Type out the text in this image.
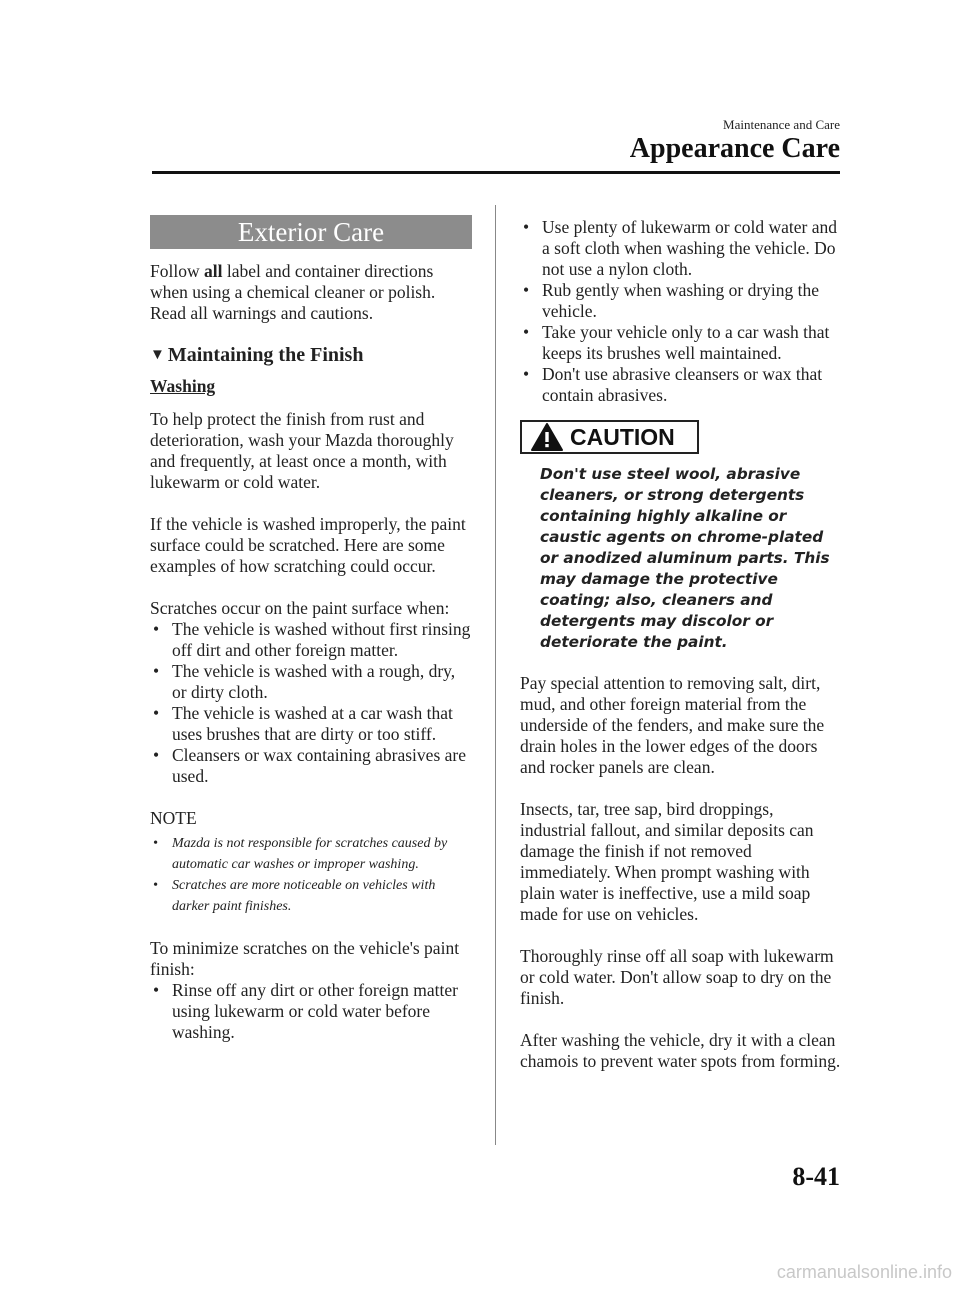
Maintenance and Care
Appearance Care
Exterior Care

Follow all label and container directions when using a chemical cleaner or polish. Read all warnings and cautions.

▼ Maintaining the Finish
Washing

To help protect the finish from rust and deterioration, wash your Mazda thoroughly and frequently, at least once a month, with lukewarm or cold water.

If the vehicle is washed improperly, the paint surface could be scratched. Here are some examples of how scratching could occur.

Scratches occur on the paint surface when:

• The vehicle is washed without first rinsing off dirt and other foreign matter.
• The vehicle is washed with a rough, dry, or dirty cloth.
• The vehicle is washed at a car wash that uses brushes that are dirty or too stiff.
• Cleansers or wax containing abrasives are used.
NOTE
• Mazda is not responsible for scratches caused by automatic car washes or improper washing.
• Scratches are more noticeable on vehicles with darker paint finishes.

To minimize scratches on the vehicle's paint finish:

• Rinse off any dirt or other foreign matter using lukewarm or cold water before washing.
• Use plenty of lukewarm or cold water and a soft cloth when washing the vehicle. Do not use a nylon cloth.
• Rub gently when washing or drying the vehicle.
• Take your vehicle only to a car wash that keeps its brushes well maintained.
• Don't use abrasive cleansers or wax that contain abrasives.
CAUTION
Don't use steel wool, abrasive cleaners, or strong detergents containing highly alkaline or caustic agents on chrome-plated or anodized aluminum parts. This may damage the protective coating; also, cleaners and detergents may discolor or deteriorate the paint.

Pay special attention to removing salt, dirt, mud, and other foreign material from the underside of the fenders, and make sure the drain holes in the lower edges of the doors and rocker panels are clean.

Insects, tar, tree sap, bird droppings, industrial fallout, and similar deposits can damage the finish if not removed immediately. When prompt washing with plain water is ineffective, use a mild soap made for use on vehicles.

Thoroughly rinse off all soap with lukewarm or cold water. Don't allow soap to dry on the finish.

After washing the vehicle, dry it with a clean chamois to prevent water spots from forming.

8-41
carmanualsonline.info
